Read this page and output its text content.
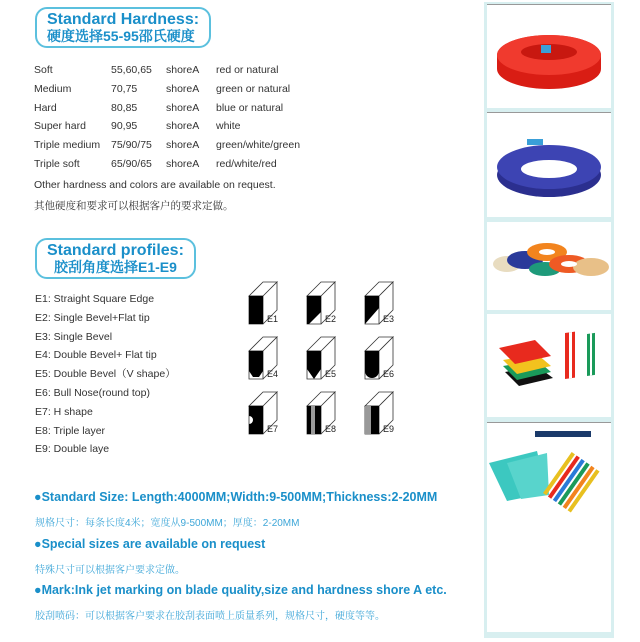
Standard Hardness:
硬度选择55-95邵氏硬度
Soft	55,60,65	shoreA	red or natural
Medium	70,75	shoreA	green or natural
Hard	80,85	shoreA	blue or natural
Super hard	90,95	shoreA	white
Triple medium	75/90/75	shoreA	green/white/green
Triple soft	65/90/65	shoreA	red/white/red
Other hardness and colors are available on request.
其他硬度和要求可以根据客户的要求定做。
Standard profiles:
胶刮角度选择E1-E9
E1: Straight Square Edge
E2: Single Bevel+Flat tip
E3: Single Bevel
E4: Double Bevel+ Flat tip
E5: Double Bevel（V shape）
E6: Bull Nose(round top)
E7: H shape
E8: Triple layer
E9: Double laye
E1	E2	E3
E4	E5	E6
E7	E8	E9
●Standard Size: Length:4000MM;Width:9-500MM;Thickness:2-20MM
规格尺寸：每条长度4米；宽度从9-500MM；厚度：2-20MM
●Special sizes are available on request
特殊尺寸可以根据客户要求定做。
●Mark:Ink jet marking on blade quality,size and hardness shore A etc.
胶刮喷码：可以根据客户要求在胶刮表面喷上质量系列，规格尺寸，硬度等等。
